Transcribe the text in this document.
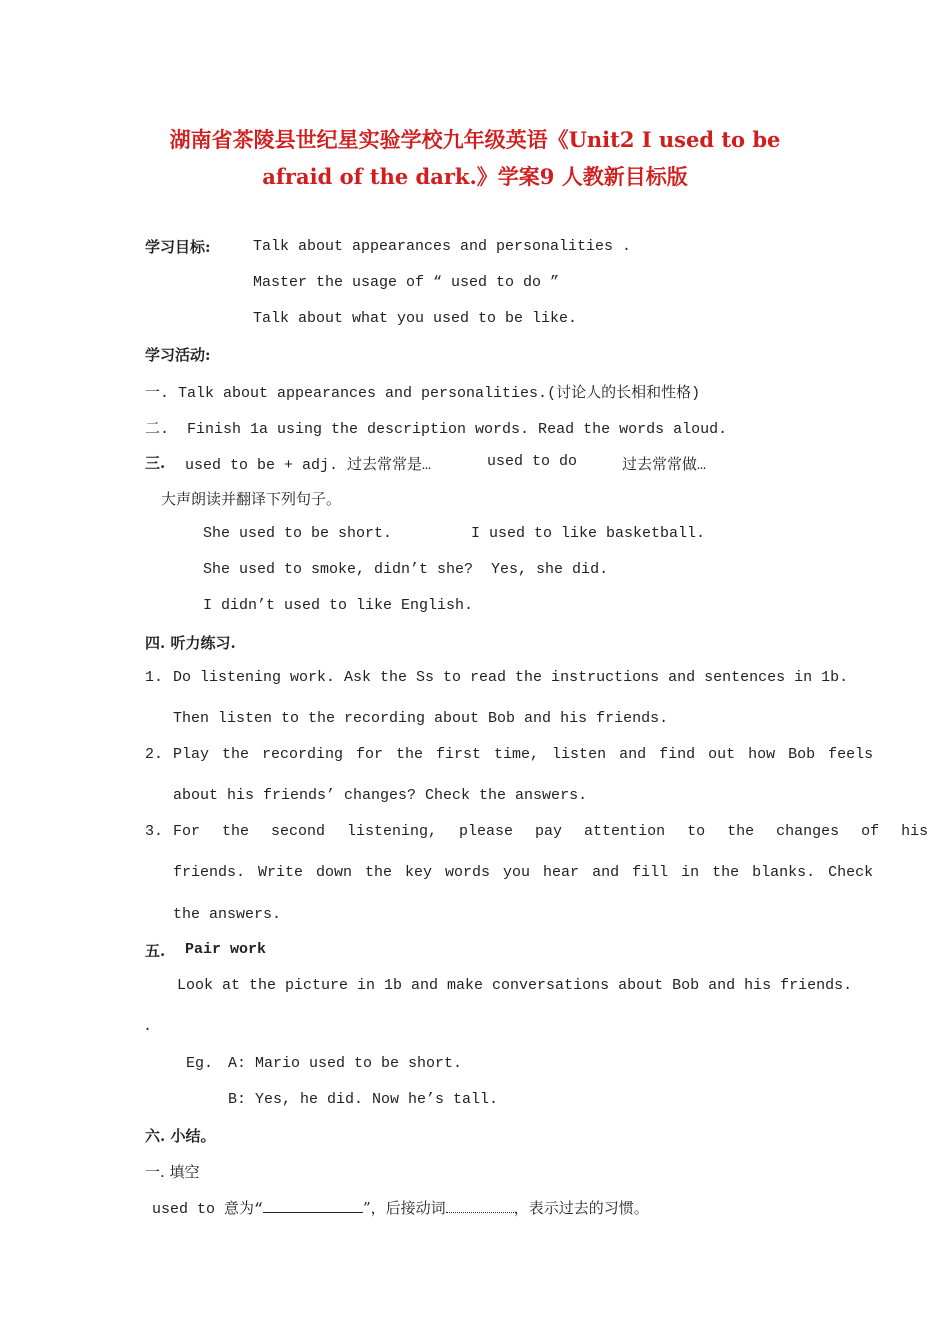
湖南省茶陵县世纪星实验学校九年级英语《Unit2 I used to be
afraid of the dark.》学案9 人教新目标版
学习目标:	Talk about appearances and personalities .
Master the usage of “ used to do ”
Talk about what you used to be like.
学习活动:
一. Talk about appearances and personalities.(讨论人的长相和性格)
二.  Finish 1a using the description words. Read the words aloud.
三. used to be + adj. 过去常常是…	used to do	过去常常做…
大声朗读并翻译下列句子。
She used to be short.	I used to like basketball.
She used to smoke, didn’t she?  Yes, she did.
I didn’t used to like English.
四. 听力练习.
1. Do listening work. Ask the Ss to read the instructions and sentences in 1b.
Then listen to the recording about Bob and his friends.
2. Play the recording for the first time, listen and find out how Bob feels
about his friends’ changes? Check the answers.
3. For the second listening, please pay attention to the changes of his
friends. Write down the key words you hear and fill in the blanks. Check
the answers.
五. Pair work
Look at the picture in 1b and make conversations about Bob and his friends.
.
Eg. A: Mario used to be short.
B: Yes, he did. Now he’s tall.
六. 小结。
一. 填空
used to 意为“	”，后接动词	，表示过去的习惯。
